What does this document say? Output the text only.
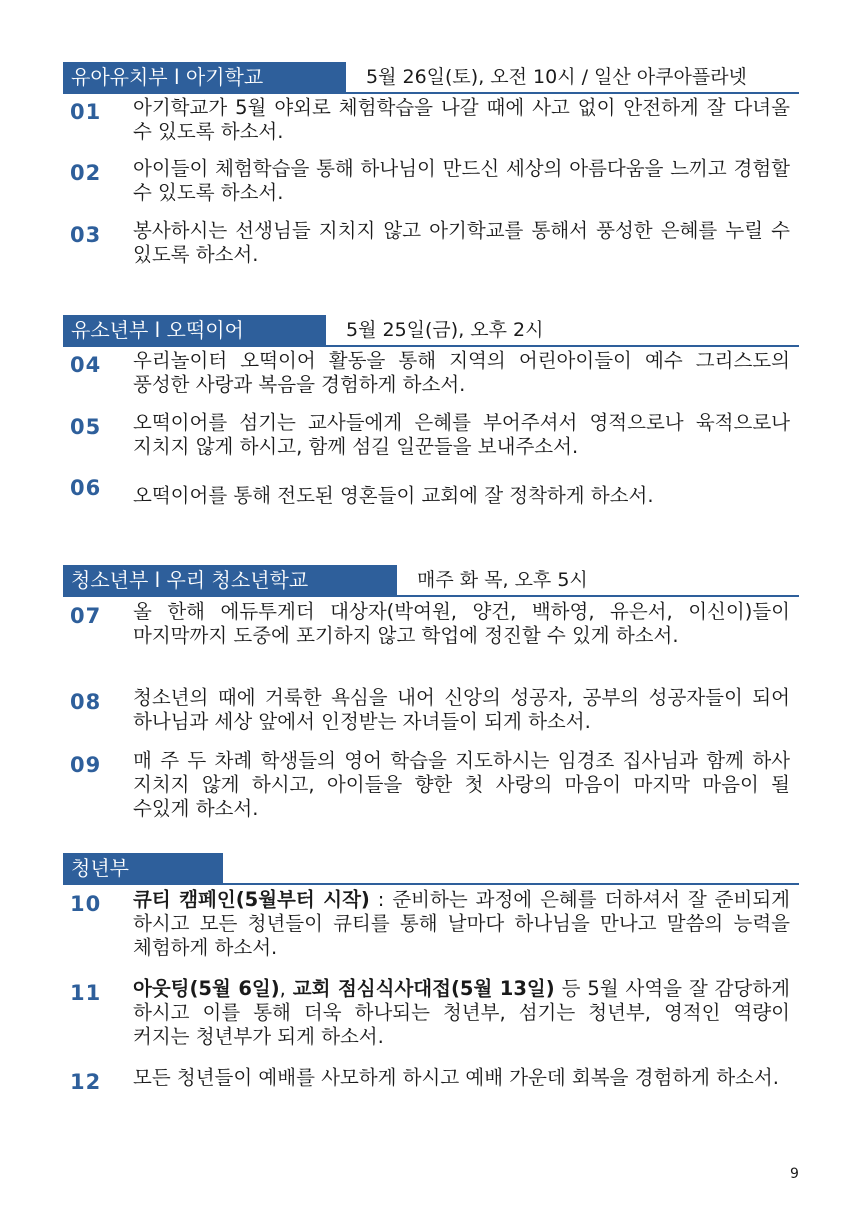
유아유치부 l 아기학교	5월 26일(토), 오전 10시 / 일산 아쿠아플라넷
01	아기학교가 5월 야외로 체험학습을 나갈 때에 사고 없이 안전하게 잘 다녀올 수 있도록 하소서.
02	아이들이 체험학습을 통해 하나님이 만드신 세상의 아름다움을 느끼고 경험할 수 있도록 하소서.
03	봉사하시는 선생님들 지치지 않고 아기학교를 통해서 풍성한 은혜를 누릴 수 있도록 하소서.
유소년부 l 오떡이어	5월 25일(금), 오후 2시
04	우리놀이터 오떡이어 활동을 통해 지역의 어린아이들이 예수 그리스도의 풍성한 사랑과 복음을 경험하게 하소서.
05	오떡이어를 섬기는 교사들에게 은혜를 부어주셔서 영적으로나 육적으로나 지치지 않게 하시고, 함께 섬길 일꾼들을 보내주소서.
06	오떡이어를 통해 전도된 영혼들이 교회에 잘 정착하게 하소서.
청소년부 l 우리 청소년학교	매주 화 목, 오후 5시
07	올 한해 에듀투게더 대상자(박여원, 양건, 백하영, 유은서, 이신이)들이 마지막까지 도중에 포기하지 않고 학업에 정진할 수 있게 하소서.
08	청소년의 때에 거룩한 욕심을 내어 신앙의 성공자, 공부의 성공자들이 되어 하나님과 세상 앞에서 인정받는 자녀들이 되게 하소서.
09	매 주 두 차례 학생들의 영어 학습을 지도하시는 임경조 집사님과 함께 하사 지치지 않게 하시고, 아이들을 향한 첫 사랑의 마음이 마지막 마음이 될 수있게 하소서.
청년부
10	큐티 캠페인(5월부터 시작) : 준비하는 과정에 은혜를 더하셔서 잘 준비되게 하시고 모든 청년들이 큐티를 통해 날마다 하나님을 만나고 말씀의 능력을 체험하게 하소서.
11	아웃팅(5월 6일), 교회 점심식사대접(5월 13일) 등 5월 사역을 잘 감당하게 하시고 이를 통해 더욱 하나되는 청년부, 섬기는 청년부, 영적인 역량이 커지는 청년부가 되게 하소서.
12	모든 청년들이 예배를 사모하게 하시고 예배 가운데 회복을 경험하게 하소서.
9
